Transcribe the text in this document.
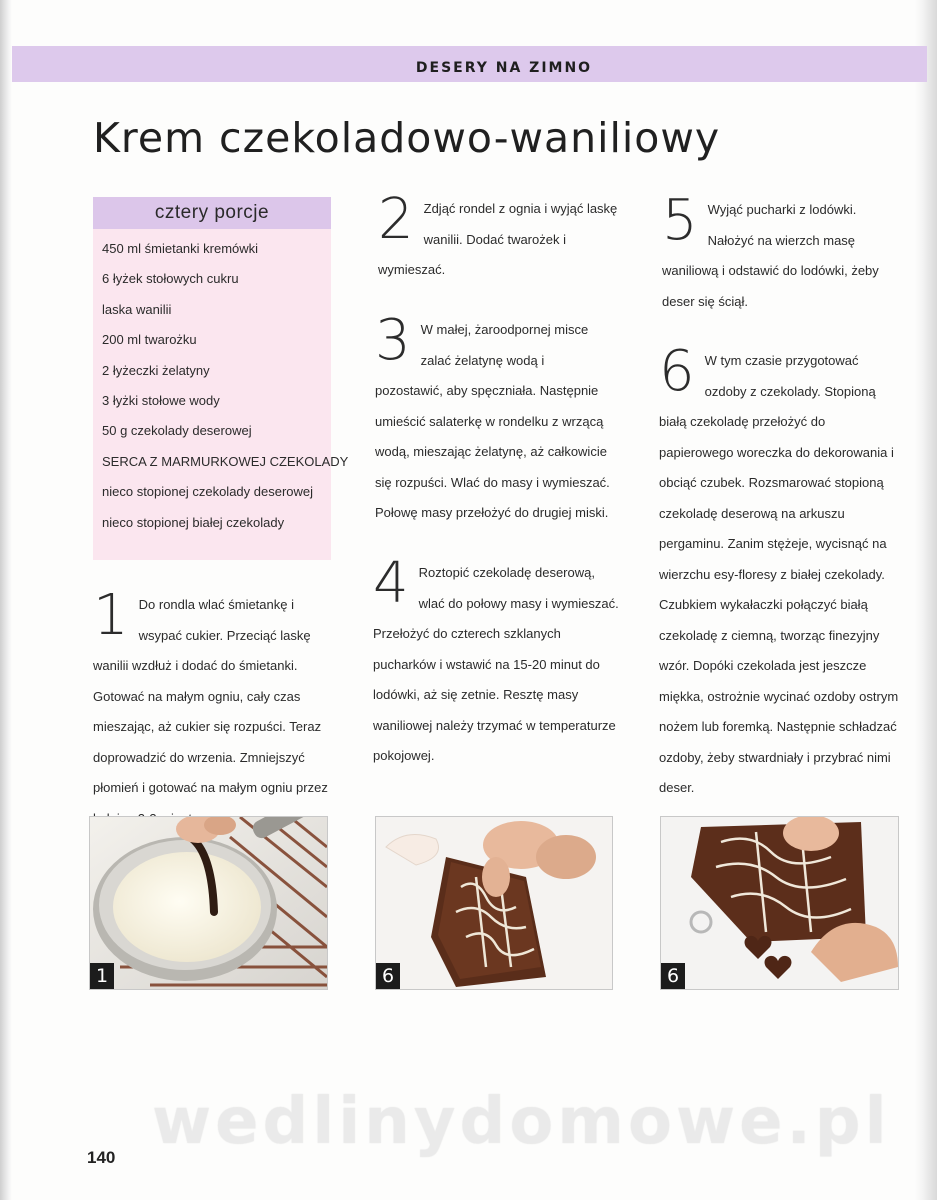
DESERY NA ZIMNO
Krem czekoladowo-waniliowy
cztery porcje
450 ml śmietanki kremówki
6 łyżek stołowych cukru
laska wanilii
200 ml twarożku
2 łyżeczki żelatyny
3 łyżki stołowe wody
50 g czekolady deserowej
SERCA Z MARMURKOWEJ CZEKOLADY
nieco stopionej czekolady deserowej
nieco stopionej białej czekolady
1 Do rondla wlać śmietankę i wsypać cukier. Przeciąć laskę wanilii wzdłuż i dodać do śmietanki. Gotować na małym ogniu, cały czas mieszając, aż cukier się rozpuści. Teraz doprowadzić do wrzenia. Zmniejszyć płomień i gotować na małym ogniu przez
2 Zdjąć rondel z ognia i wyjąć laskę wanilii. Dodać twarożek i wymieszać.
3 W małej, żaroodpornej misce zalać żelatynę wodą i pozostawić, aby spęczniała. Następnie umieścić salaterkę w rondelku z wrzącą wodą, mieszając żelatynę, aż całkowicie się rozpuści. Wlać do masy i wymieszać. Połowę masy przełożyć do drugiej miski.
4 Roztopić czekoladę deserową, wlać do połowy masy i wymieszać. Przełożyć do czterech szklanych pucharków i wstawić na 15-20 minut do lodówki, aż się zetnie. Resztę masy waniliowej należy trzymać w temperaturze pokojowej.
5 Wyjąć pucharki z lodówki. Nałożyć na wierzch masę waniliową i odstawić do lodówki, żeby deser się ściął.
6 W tym czasie przygotować ozdoby z czekolady. Stopioną białą czekoladę przełożyć do papierowego woreczka do dekorowania i obciąć czubek. Rozsmarować stopioną czekoladę deserową na arkuszu pergaminu. Zanim stężeje, wycisnąć na wierzchu esy-floresy z białej czekolady. Czubkiem wykałaczki połączyć białą czekoladę z ciemną, tworząc finezyjny wzór. Dopóki czekolada jest jeszcze miękka, ostrożnie wycinać ozdoby ostrym nożem lub foremką. Następnie schładzać ozdoby, żeby stwardniały i przybrać nimi deser.
1	6	6
wedlinydomowe.pl
140
